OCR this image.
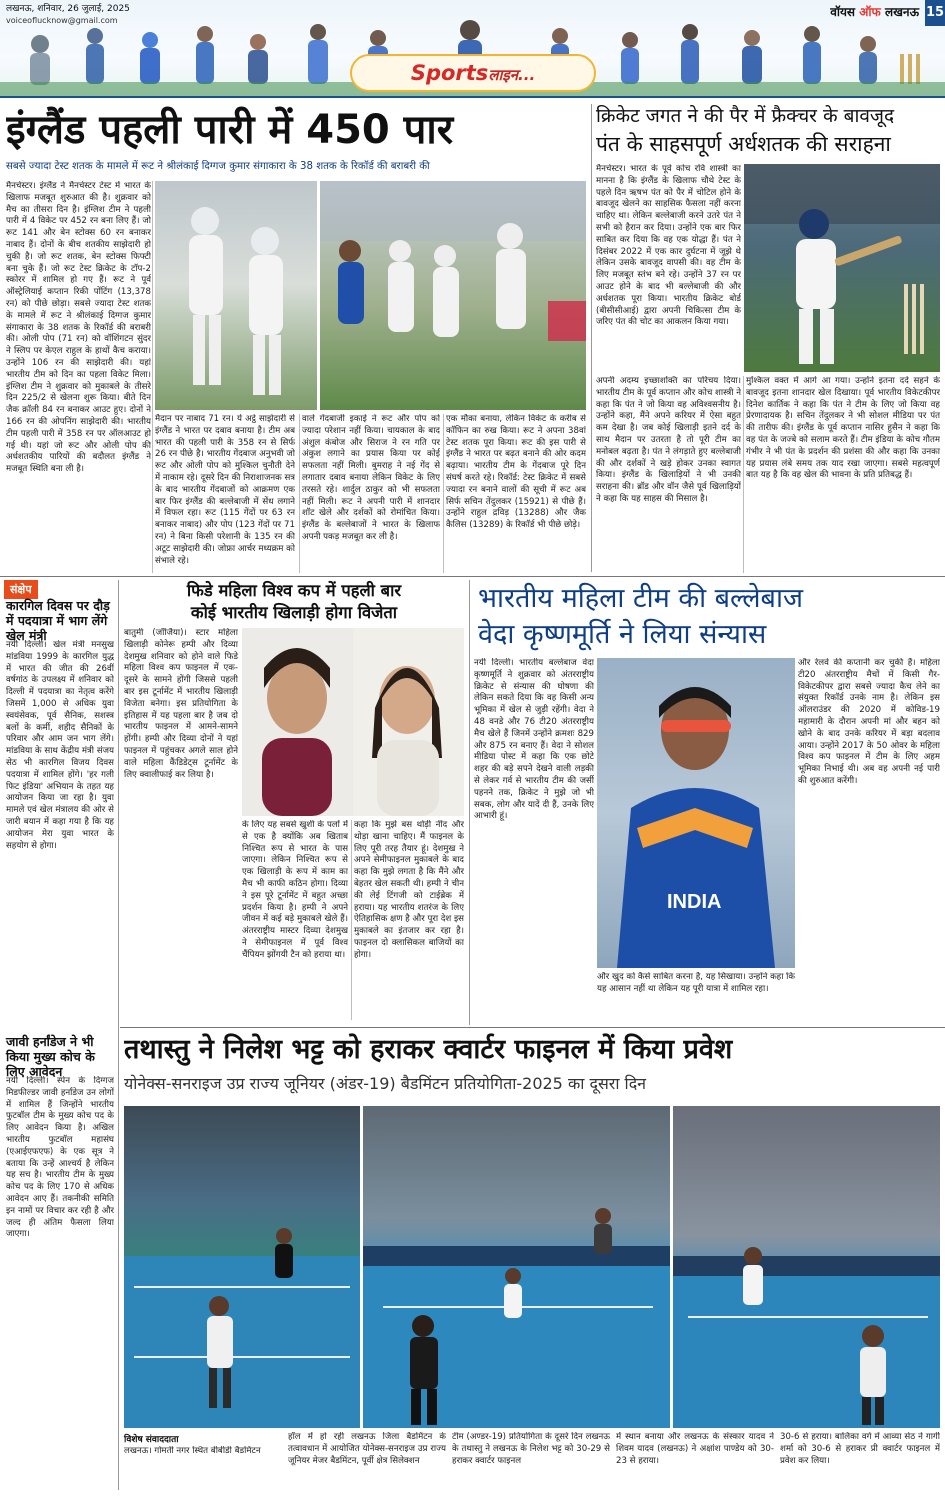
लखनऊ, शनिवार, 26 जुलाई, 2025
voiceoflucknow@gmail.com
वॉयस ऑफ लखनऊ 15
Sportsलाइन...
इंग्लैंड पहली पारी में 450 पार
सबसे ज्यादा टेस्ट शतक के मामले में रूट ने श्रीलंकाई दिग्गज कुमार संगाकारा के 38 शतक के रिकॉर्ड की बराबरी की
मैनचेस्टर। इंग्लैंड ने मैनचेस्टर टेस्ट में भारत के खिलाफ मजबूत शुरुआत की है। शुक्रवार को मैच का तीसरा दिन है। इंग्लिश टीम ने पहली पारी में 4 विकेट पर 452 रन बना लिए हैं। जो रूट 141 और बेन स्टोक्स 60 रन बनाकर नाबाद हैं। दोनों के बीच शतकीय साझेदारी हो चुकी है। जो रूट शतक, बेन स्टोक्स फिफ्टी बना चुके हैं। जो रूट टेस्ट क्रिकेट के टॉप-2 स्कोरर में शामिल हो गए हैं। रूट ने पूर्व ऑस्ट्रेलियाई कप्तान रिकी पोंटिंग (13,378 रन) को पीछे छोड़ा। सबसे ज्यादा टेस्ट शतक के मामले में रूट ने श्रीलंकाई दिग्गज कुमार संगाकारा के 38 शतक के रिकॉर्ड की बराबरी की। ओली पोप (71 रन) को वॉशिंगटन सुंदर ने स्लिप पर केएल राहुल के हाथों कैच कराया। उन्होंने 106 रन की साझेदारी की। यहां भारतीय टीम को दिन का पहला विकेट मिला। इंग्लिश टीम ने शुक्रवार को मुकाबले के तीसरे दिन 225/2 से खेलना शुरू किया। बीते दिन जैक क्रॉली 84 रन बनाकर आउट हुए। दोनों ने 166 रन की ओपनिंग साझेदारी की। भारतीय टीम पहली पारी में 358 रन पर ऑलआउट हो गई थी। यहां जो रूट और ओली पोप की अर्धशतकीय पारियों की बदौलत इंग्लैंड ने मजबूत स्थिति बना ली है।
मैदान पर नाबाद 71 रन। ये अट्ठे साझेदारी से इंग्लैंड ने भारत पर दबाव बनाया है। टीम अब भारत की पहली पारी के 358 रन से सिर्फ 26 रन पीछे है। भारतीय गेंदबाज अनुभवी जो रूट और ओली पोप को मुश्किल चुनौती देने में नाकाम रहे। दूसरे दिन की निराशाजनक सत्र के बाद भारतीय गेंदबाजों को आक्रमण एक बार फिर इंग्लैंड की बल्लेबाजी में सेंध लगाने में विफल रहा। रूट (115 गेंदों पर 63 रन बनाकर नाबाद) और पोप (123 गेंदों पर 71 रन) ने बिना किसी परेशानी के 135 रन की अटूट साझेदारी की। जोफ्रा आर्चर मध्यक्रम को संभाले रहे।
वाले गेंदबाजी इकाई ने रूट और पोप को ज्यादा परेशान नहीं किया। चायकाल के बाद अंशुल कंबोज और सिराज ने रन गति पर अंकुश लगाने का प्रयास किया पर कोई सफलता नहीं मिली। बुमराह ने नई गेंद से लगातार दबाव बनाया लेकिन विकेट के लिए तरसते रहे। शार्दुल ठाकुर को भी सफलता नहीं मिली। रूट ने अपनी पारी में शानदार शॉट खेले और दर्शकों को रोमांचित किया। इंग्लैंड के बल्लेबाजों ने भारत के खिलाफ अपनी पकड़ मजबूत कर ली है।
एक मौका बनाया, लेकिन विकेट के करीब से कॉफिन का रुख किया। रूट ने अपना 38वां टेस्ट शतक पूरा किया। रूट की इस पारी से इंग्लैंड ने भारत पर बढ़त बनाने की ओर कदम बढ़ाया। भारतीय टीम के गेंदबाज पूरे दिन संघर्ष करते रहे। रिकॉर्ड: टेस्ट क्रिकेट में सबसे ज्यादा रन बनाने वालों की सूची में रूट अब सिर्फ सचिन तेंदुलकर (15921) से पीछे हैं। उन्होंने राहुल द्रविड़ (13288) और जैक कैलिस (13289) के रिकॉर्ड भी पीछे छोड़े।
क्रिकेट जगत ने की पैर में फ्रैक्चर के बावजूद
पंत के साहसपूर्ण अर्धशतक की सराहना
मैनचेस्टर। भारत के पूर्व कोच रवि शास्त्री का मानना है कि इंग्लैंड के खिलाफ चौथे टेस्ट के पहले दिन ऋषभ पंत को पैर में चोटिल होने के बावजूद खेलने का साहसिक फैसला नहीं करना चाहिए था। लेकिन बल्लेबाजी करने उतरे पंत ने सभी को हैरान कर दिया। उन्होंने एक बार फिर साबित कर दिया कि वह एक योद्धा हैं। पंत ने दिसंबर 2022 में एक कार दुर्घटना में जूझे थे लेकिन उसके बावजूद वापसी की। वह टीम के लिए मजबूत स्तंभ बने रहे। उन्होंने 37 रन पर आउट होने के बाद भी बल्लेबाजी की और अर्धशतक पूरा किया। भारतीय क्रिकेट बोर्ड (बीसीसीआई) द्वारा अपनी चिकित्सा टीम के जरिए पंत की चोट का आकलन किया गया।
अपनी अदम्य इच्छाशक्ति का परिचय दिया। भारतीय टीम के पूर्व कप्तान और कोच शास्त्री ने कहा कि पंत ने जो किया वह अविश्वसनीय है। उन्होंने कहा, मैंने अपने करियर में ऐसा बहुत कम देखा है। जब कोई खिलाड़ी इतने दर्द के साथ मैदान पर उतरता है तो पूरी टीम का मनोबल बढ़ता है। पंत ने लंगड़ाते हुए बल्लेबाजी की और दर्शकों ने खड़े होकर उनका स्वागत किया। इंग्लैंड के खिलाड़ियों ने भी उनकी सराहना की। ब्रॉड और वॉन जैसे पूर्व खिलाड़ियों ने कहा कि यह साहस की मिसाल है।
मुश्किल वक्त में आगे आ गया। उन्होंने इतना दर्द सहने के बावजूद इतना शानदार खेल दिखाया। पूर्व भारतीय विकेटकीपर दिनेश कार्तिक ने कहा कि पंत ने टीम के लिए जो किया वह प्रेरणादायक है। सचिन तेंदुलकर ने भी सोशल मीडिया पर पंत की तारीफ की। इंग्लैंड के पूर्व कप्तान नासिर हुसैन ने कहा कि वह पंत के जज्बे को सलाम करते हैं। टीम इंडिया के कोच गौतम गंभीर ने भी पंत के प्रदर्शन की प्रशंसा की और कहा कि उनका यह प्रयास लंबे समय तक याद रखा जाएगा। सबसे महत्वपूर्ण बात यह है कि वह खेल की भावना के प्रति प्रतिबद्ध हैं।
संक्षेप
कारगिल दिवस पर दौड़ में पदयात्रा में भाग लेंगे खेल मंत्री
नयी दिल्ली। खेल मंत्री मनसुख मांडविया 1999 के कारगिल युद्ध में भारत की जीत की 26वीं वर्षगांठ के उपलक्ष्य में शनिवार को दिल्ली में पदयात्रा का नेतृत्व करेंगे जिसमें 1,000 से अधिक युवा स्वयंसेवक, पूर्व सैनिक, सशस्त्र बलों के कर्मी, शहीद सैनिकों के परिवार और आम जन भाग लेंगे। मांडविया के साथ केंद्रीय मंत्री संजय सेठ भी कारगिल विजय दिवस पदयात्रा में शामिल होंगे। 'हर गली फिट इंडिया' अभियान के तहत यह आयोजन किया जा रहा है। युवा मामले एवं खेल मंत्रालय की ओर से जारी बयान में कहा गया है कि यह आयोजन मेरा युवा भारत के सहयोग से होगा।
जावी हर्नांडेज ने भी किया मुख्य कोच के लिए आवेदन
नयी दिल्ली। स्पेन के दिग्गज मिडफील्डर जावी हर्नांडेज उन लोगों में शामिल हैं जिन्होंने भारतीय फुटबॉल टीम के मुख्य कोच पद के लिए आवेदन किया है। अखिल भारतीय फुटबॉल महासंघ (एआईएफएफ) के एक सूत्र ने बताया कि उन्हें आश्चर्य है लेकिन यह सच है। भारतीय टीम के मुख्य कोच पद के लिए 170 से अधिक आवेदन आए हैं। तकनीकी समिति इन नामों पर विचार कर रही है और जल्द ही अंतिम फैसला लिया जाएगा।
फिडे महिला विश्व कप में पहली बार
कोई भारतीय खिलाड़ी होगा विजेता
बातुमी (जॉर्जिया)। स्टार महिला खिलाड़ी कोनेरू हम्पी और दिव्या देशमुख शनिवार को होने वाले फिडे महिला विश्व कप फाइनल में एक-दूसरे के सामने होंगी जिससे पहली बार इस टूर्नामेंट में भारतीय खिलाड़ी विजेता बनेगा। इस प्रतियोगिता के इतिहास में यह पहला बार है जब दो भारतीय फाइनल में आमने-सामने होंगी। हम्पी और दिव्या दोनों ने यहां फाइनल में पहुंचकर अगले साल होने वाले महिला कैंडिडेट्स टूर्नामेंट के लिए क्वालीफाई कर लिया है।
के लिए यह सबसे खुशी के पलों में से एक है क्योंकि अब खिताब निश्चित रूप से भारत के पास जाएगा। लेकिन निश्चित रूप से एक खिलाड़ी के रूप में काम का मैच भी काफी कठिन होगा। दिव्या ने इस पूरे टूर्नामेंट में बहुत अच्छा प्रदर्शन किया है। हम्पी ने अपने जीवन में कई बड़े मुकाबले खेले हैं। अंतरराष्ट्रीय मास्टर दिव्या देशमुख ने सेमीफाइनल में पूर्व विश्व चैंपियन झोंगयी टैन को हराया था।
कहा कि मुझे बस थोड़ी नींद और थोड़ा खाना चाहिए। मैं फाइनल के लिए पूरी तरह तैयार हूं। देशमुख ने अपने सेमीफाइनल मुकाबले के बाद कहा कि मुझे लगता है कि मैंने और बेहतर खेल सकती थी। हम्पी ने चीन की लेई टिंगजी को टाईब्रेक में हराया। यह भारतीय शतरंज के लिए ऐतिहासिक क्षण है और पूरा देश इस मुकाबले का इंतजार कर रहा है। फाइनल दो क्लासिकल बाजियों का होगा।
भारतीय महिला टीम की बल्लेबाज
वेदा कृष्णमूर्ति ने लिया संन्यास
नयी दिल्ली। भारतीय बल्लेबाज वेदा कृष्णमूर्ति ने शुक्रवार को अंतरराष्ट्रीय क्रिकेट से संन्यास की घोषणा की लेकिन सकते दिया कि वह किसी अन्य भूमिका में खेल से जुड़ी रहेंगी। वेदा ने 48 वनडे और 76 टी20 अंतरराष्ट्रीय मैच खेले हैं जिनमें उन्होंने क्रमशः 829 और 875 रन बनाए हैं। वेदा ने सोशल मीडिया पोस्ट में कहा कि एक छोटे शहर की बड़े सपने देखने वाली लड़की से लेकर गर्व से भारतीय टीम की जर्सी पहनने तक, क्रिकेट ने मुझे जो भी सबक, लोग और यादें दी हैं, उनके लिए आभारी हूं।
INDIA
और रेलवे की कप्तानी कर चुकी हैं। महिला टी20 अंतरराष्ट्रीय मैचों में किसी गैर-विकेटकीपर द्वारा सबसे ज्यादा कैच लेने का संयुक्त रिकॉर्ड उनके नाम है। लेकिन इस ऑलराउंडर की 2020 में कोविड-19 महामारी के दौरान अपनी मां और बहन को खोने के बाद उनके करियर में बड़ा बदलाव आया। उन्होंने 2017 के 50 ओवर के महिला विश्व कप फाइनल में टीम के लिए अहम भूमिका निभाई थी। अब वह अपनी नई पारी की शुरुआत करेंगी।
और खुद को कैसे साबित करना है, यह सिखाया। उन्होंने कहा कि यह आसान नहीं था लेकिन यह पूरी यात्रा में शामिल रहा।
तथास्तु ने निलेश भट्ट को हराकर क्वार्टर फाइनल में किया प्रवेश
योनेक्स-सनराइज उप्र राज्य जूनियर (अंडर-19) बैडमिंटन प्रतियोगिता-2025 का दूसरा दिन
विशेष संवाददाता
लखनऊ। गोमती नगर स्थित बीबीडी बैडमिंटन
हॉल में हो रही लखनऊ जिला बैडमिंटन के तत्वावधान में आयोजित योनेक्स-सनराइज उप्र राज्य जूनियर मेजर बैडमिंटन, पूर्वी क्षेत्र सिलेक्शन
टीम (अण्डर-19) प्रतियोगिता के दूसरे दिन लखनऊ के तथास्तु ने लखनऊ के निलेश भट्ट को 30-29 से हराकर क्वार्टर फाइनल
में स्थान बनाया और लखनऊ के संस्कार यादव ने शिवम यादव (लखनऊ) ने अक्षांश पाण्डेय को 30-23 से हराया।
30-6 से हराया। बालिका वर्ग में आव्या सेठ ने गार्गी शर्मा को 30-6 से हराकर प्री क्वार्टर फाइनल में प्रवेश कर लिया।
